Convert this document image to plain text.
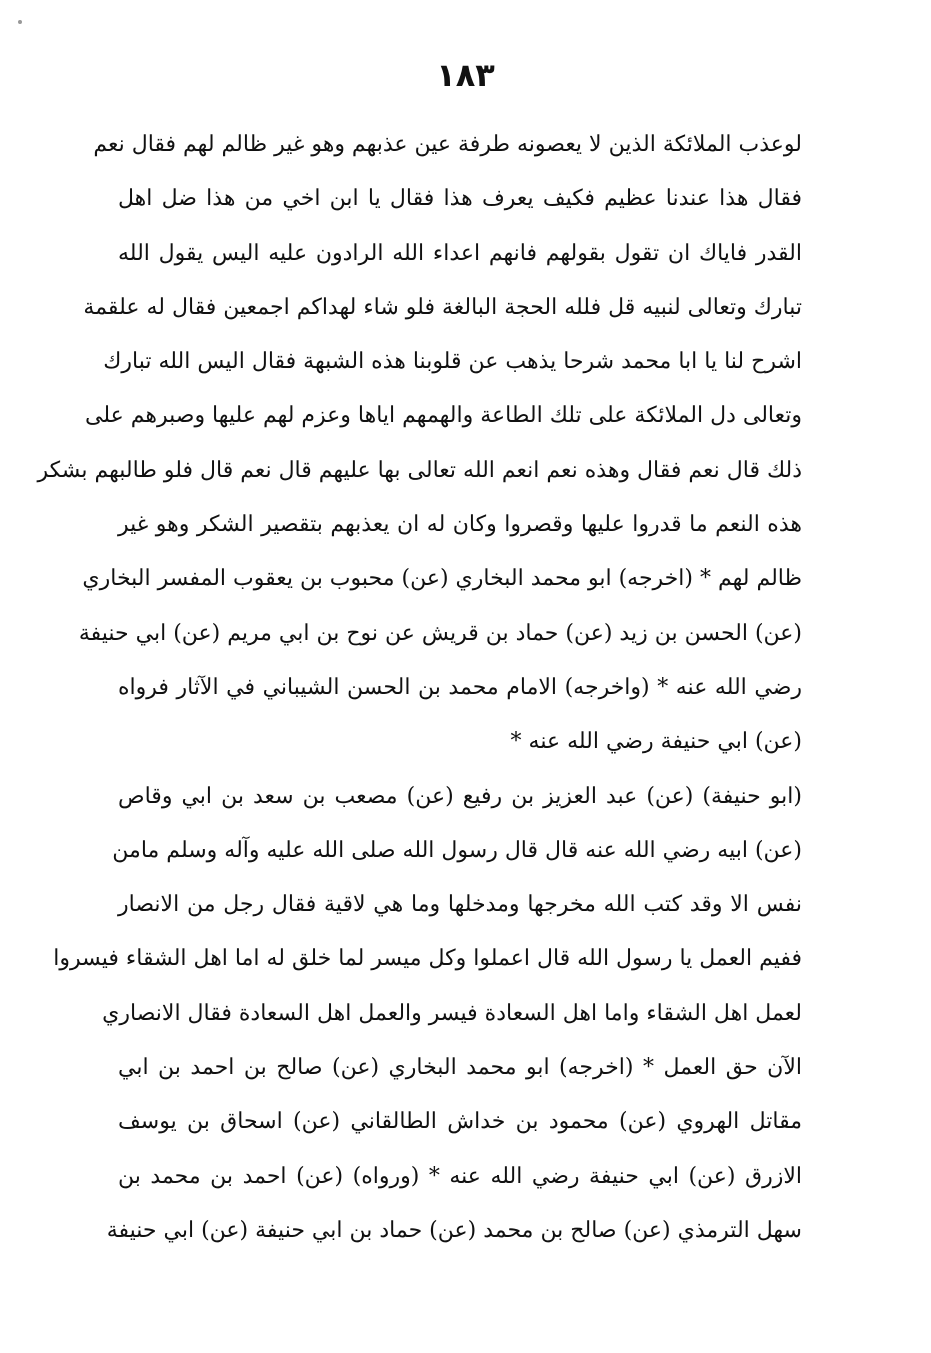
١٨٣
لوعذب الملائكة الذين لا يعصونه طرفة عين عذبهم وهو غير ظالم لهم فقال نعم
فقال هذا عندنا عظيم فكيف يعرف هذا فقال يا ابن اخي من هذا ضل اهل
القدر فاياك ان تقول بقولهم فانهم اعداء الله الرادون عليه اليس يقول الله
تبارك وتعالى لنبيه قل فلله الحجة البالغة فلو شاء لهداكم اجمعين فقال له علقمة
اشرح لنا يا ابا محمد شرحا يذهب عن قلوبنا هذه الشبهة فقال اليس الله تبارك
وتعالى دل الملائكة على تلك الطاعة والهمهم اياها وعزم لهم عليها وصبرهم على
ذلك قال نعم فقال وهذه نعم انعم الله تعالى بها عليهم قال نعم قال فلو طالبهم بشكر
هذه النعم ما قدروا عليها وقصروا وكان له ان يعذبهم بتقصير الشكر وهو غير
ظالم لهم * (اخرجه) ابو محمد البخاري (عن) محبوب بن يعقوب المفسر البخاري
(عن) الحسن بن زيد (عن) حماد بن قريش عن نوح بن ابي مريم (عن) ابي حنيفة
رضي الله عنه * (واخرجه) الامام محمد بن الحسن الشيباني في الآثار فرواه
(عن) ابي حنيفة رضي الله عنه *
(ابو حنيفة) (عن) عبد العزيز بن رفيع (عن) مصعب بن سعد بن ابي وقاص
(عن) ابيه رضي الله عنه قال قال رسول الله صلى الله عليه وآله وسلم مامن
نفس الا وقد كتب الله مخرجها ومدخلها وما هي لاقية فقال رجل من الانصار
ففيم العمل يا رسول الله قال اعملوا وكل ميسر لما خلق له اما اهل الشقاء فيسروا
لعمل اهل الشقاء واما اهل السعادة فيسر والعمل اهل السعادة فقال الانصاري
الآن حق العمل * (اخرجه) ابو محمد البخاري (عن) صالح بن احمد بن ابي
مقاتل الهروي (عن) محمود بن خداش الطالقاني (عن) اسحاق بن يوسف
الازرق (عن) ابي حنيفة رضي الله عنه * (ورواه) (عن) احمد بن محمد بن
سهل الترمذي (عن) صالح بن محمد (عن) حماد بن ابي حنيفة (عن) ابي حنيفة
